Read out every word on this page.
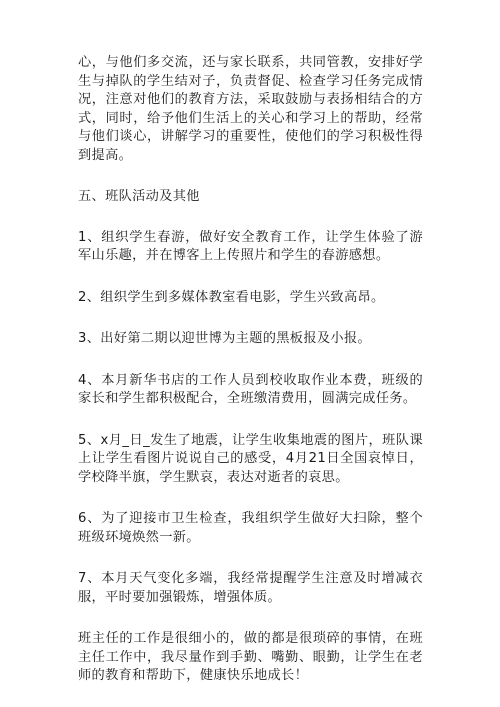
心，与他们多交流，还与家长联系，共同管教，安排好学生与掉队的学生结对子，负责督促、检查学习任务完成情况，注意对他们的教育方法，采取鼓励与表扬相结合的方式，同时，给予他们生活上的关心和学习上的帮助，经常与他们谈心，讲解学习的重要性，使他们的学习积极性得到提高。

五、班队活动及其他

1、组织学生春游，做好安全教育工作，让学生体验了游军山乐趣，并在博客上上传照片和学生的春游感想。

2、组织学生到多媒体教室看电影，学生兴致高昂。

3、出好第二期以迎世博为主题的黑板报及小报。

4、本月新华书店的工作人员到校收取作业本费，班级的家长和学生都积极配合，全班缴清费用，圆满完成任务。

5、x月_日_发生了地震，让学生收集地震的图片，班队课上让学生看图片说说自己的感受，4月21日全国哀悼日，学校降半旗，学生默哀，表达对逝者的哀思。

6、为了迎接市卫生检查，我组织学生做好大扫除，整个班级环境焕然一新。

7、本月天气变化多端，我经常提醒学生注意及时增减衣服，平时要加强锻炼，增强体质。

班主任的工作是很细小的，做的都是很琐碎的事情，在班主任工作中，我尽量作到手勤、嘴勤、眼勤，让学生在老师的教育和帮助下，健康快乐地成长！
